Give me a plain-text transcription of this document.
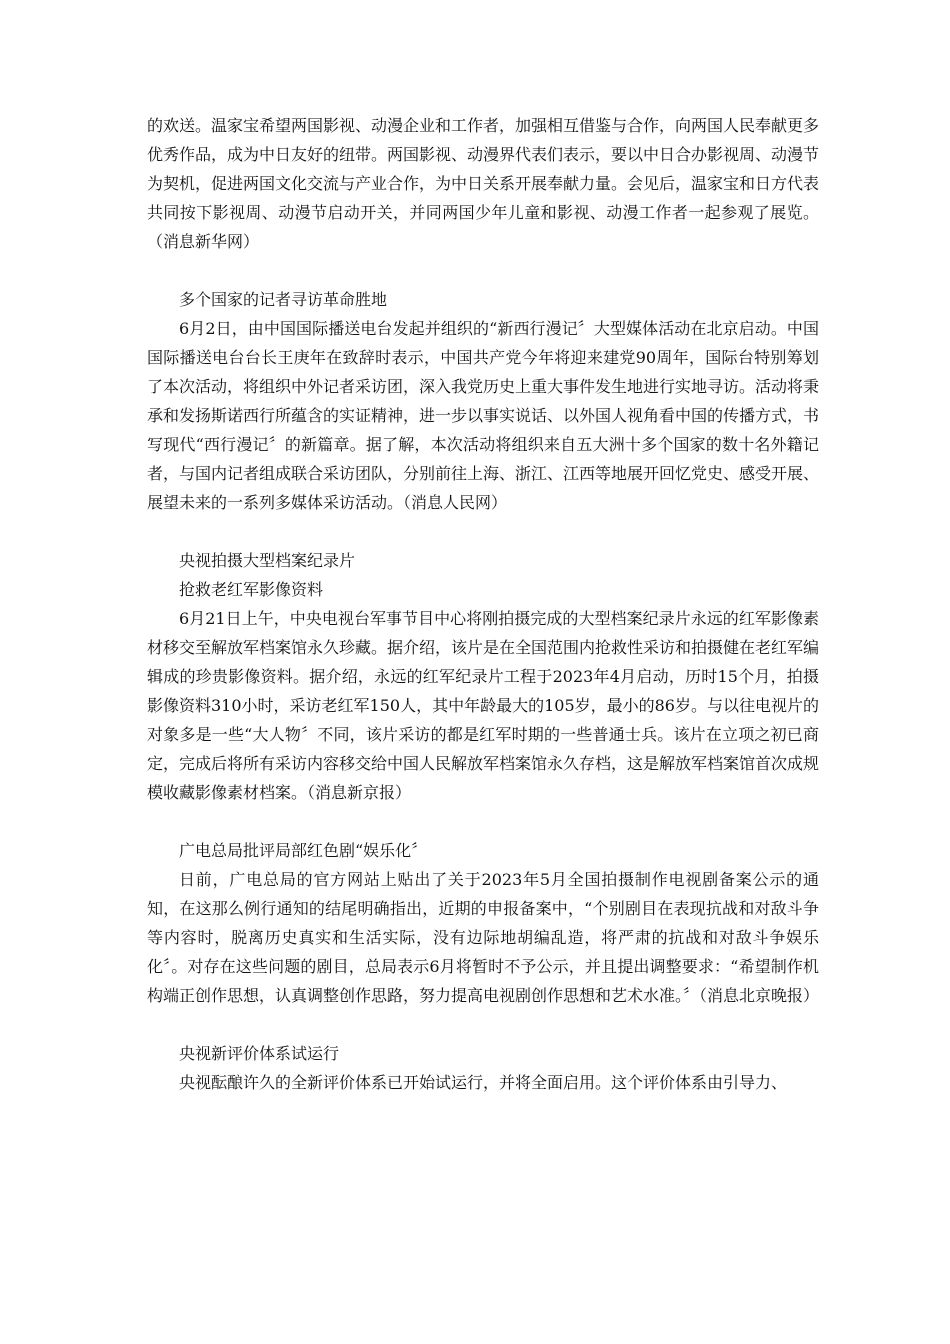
的欢送。温家宝希望两国影视、动漫企业和工作者，加强相互借鉴与合作，向两国人民奉献更多优秀作品，成为中日友好的纽带。两国影视、动漫界代表们表示，要以中日合办影视周、动漫节为契机，促进两国文化交流与产业合作，为中日关系开展奉献力量。会见后，温家宝和日方代表共同按下影视周、动漫节启动开关，并同两国少年儿童和影视、动漫工作者一起参观了展览。（消息新华网）

多个国家的记者寻访革命胜地

6月2日，由中国国际播送电台发起并组织的“新西行漫记〞大型媒体活动在北京启动。中国国际播送电台台长王庚年在致辞时表示，中国共产党今年将迎来建党90周年，国际台特别筹划了本次活动，将组织中外记者采访团，深入我党历史上重大事件发生地进行实地寻访。活动将秉承和发扬斯诺西行所蕴含的实证精神，进一步以事实说话、以外国人视角看中国的传播方式，书写现代“西行漫记〞的新篇章。据了解，本次活动将组织来自五大洲十多个国家的数十名外籍记者，与国内记者组成联合采访团队，分别前往上海、浙江、江西等地展开回忆党史、感受开展、展望未来的一系列多媒体采访活动。（消息人民网）

央视拍摄大型档案纪录片

抢救老红军影像资料

6月21日上午，中央电视台军事节目中心将刚拍摄完成的大型档案纪录片永远的红军影像素材移交至解放军档案馆永久珍藏。据介绍，该片是在全国范围内抢救性采访和拍摄健在老红军编辑成的珍贵影像资料。据介绍，永远的红军纪录片工程于2023年4月启动，历时15个月，拍摄影像资料310小时，采访老红军150人，其中年龄最大的105岁，最小的86岁。与以往电视片的对象多是一些“大人物〞不同，该片采访的都是红军时期的一些普通士兵。该片在立项之初已商定，完成后将所有采访内容移交给中国人民解放军档案馆永久存档，这是解放军档案馆首次成规模收藏影像素材档案。（消息新京报）

广电总局批评局部红色剧“娱乐化〞

日前，广电总局的官方网站上贴出了关于2023年5月全国拍摄制作电视剧备案公示的通知，在这那么例行通知的结尾明确指出，近期的申报备案中，“个别剧目在表现抗战和对敌斗争等内容时，脱离历史真实和生活实际，没有边际地胡编乱造，将严肃的抗战和对敌斗争娱乐化〞。对存在这些问题的剧目，总局表示6月将暂时不予公示，并且提出调整要求：“希望制作机构端正创作思想，认真调整创作思路，努力提高电视剧创作思想和艺术水准。〞（消息北京晚报）

央视新评价体系试运行

央视酝酿许久的全新评价体系已开始试运行，并将全面启用。这个评价体系由引导力、
